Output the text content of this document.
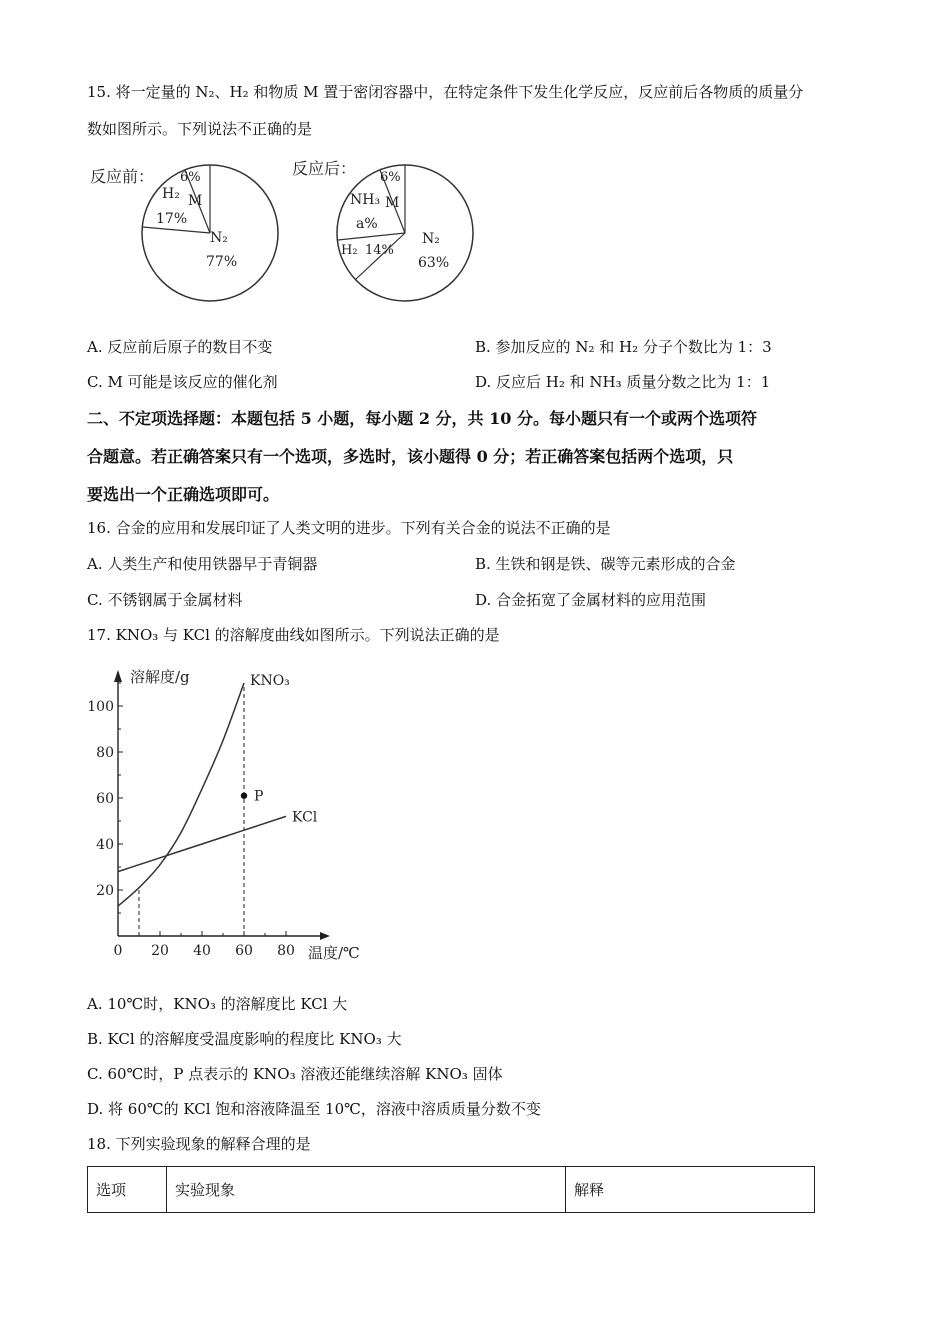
15. 将一定量的 N₂、H₂ 和物质 M 置于密闭容器中，在特定条件下发生化学反应，反应前后各物质的质量分
数如图所示。下列说法不正确的是
反应前： 6%
M
H₂
17%
N₂
77%
反应后： 6%
M
NH₃
a%
H₂ 14%
N₂
63%
A. 反应前后原子的数目不变	B. 参加反应的 N₂ 和 H₂ 分子个数比为 1：3
C. M 可能是该反应的催化剂	D. 反应后 H₂ 和 NH₃ 质量分数之比为 1：1
二、不定项选择题：本题包括 5 小题，每小题 2 分，共 10 分。每小题只有一个或两个选项符
合题意。若正确答案只有一个选项，多选时，该小题得 0 分；若正确答案包括两个选项，只
要选出一个正确选项即可。
16. 合金的应用和发展印证了人类文明的进步。下列有关合金的说法不正确的是
A. 人类生产和使用铁器早于青铜器	B. 生铁和钢是铁、碳等元素形成的合金
C. 不锈钢属于金属材料	D. 合金拓宽了金属材料的应用范围
17. KNO₃ 与 KCl 的溶解度曲线如图所示。下列说法正确的是
溶解度/g
温度/℃
0 20 40 60 80
20
40
60
80
100
KNO₃
KCl
P
A. 10℃时，KNO₃ 的溶解度比 KCl 大
B. KCl 的溶解度受温度影响的程度比 KNO₃ 大
C. 60℃时，P 点表示的 KNO₃ 溶液还能继续溶解 KNO₃ 固体
D. 将 60℃的 KCl 饱和溶液降温至 10℃，溶液中溶质质量分数不变
18. 下列实验现象的解释合理的是
选项	实验现象	解释
